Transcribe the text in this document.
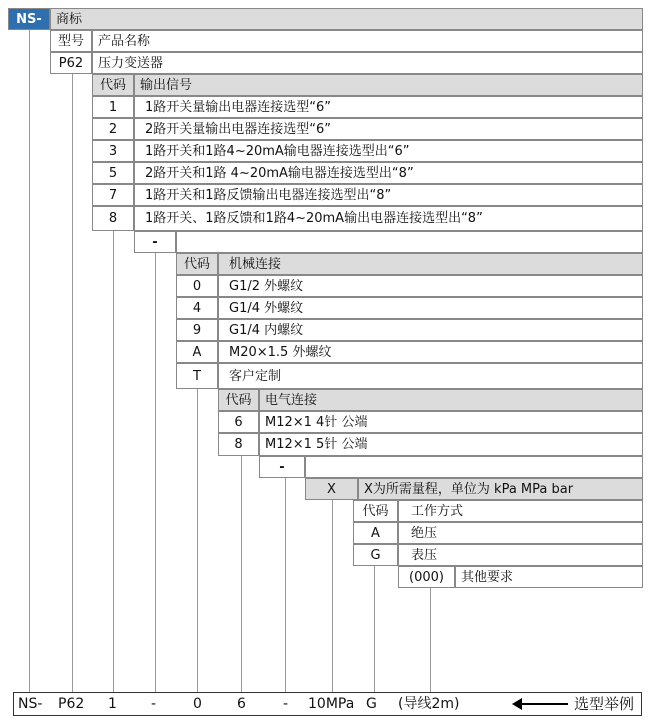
NS-	商标
型号	产品名称
P62	压力变送器
代码	输出信号
1	1路开关量输出电器连接选型“6”
2	2路开关量输出电器连接选型“6”
3	1路开关和1路4~20mA输电器连接选型出“6”
5	2路开关和1路 4~20mA输电器连接选型出“8”
7	1路开关和1路反馈输出电器连接选型出“8”
8	1路开关、1路反馈和1路4~20mA输出电器连接选型出“8”
-
代码	机械连接
0	G1/2 外螺纹
4	G1/4 外螺纹
9	G1/4 内螺纹
A	M20×1.5 外螺纹
T	客户定制
代码	电气连接
6	M12×1 4针 公端
8	M12×1 5针 公端
-
X	X为所需量程，单位为 kPa MPa bar
代码	工作方式
A	绝压
G	表压
(000)	其他要求
NS- P62 1 -	0	6	- 10MPa G (导线2m)	选型举例
